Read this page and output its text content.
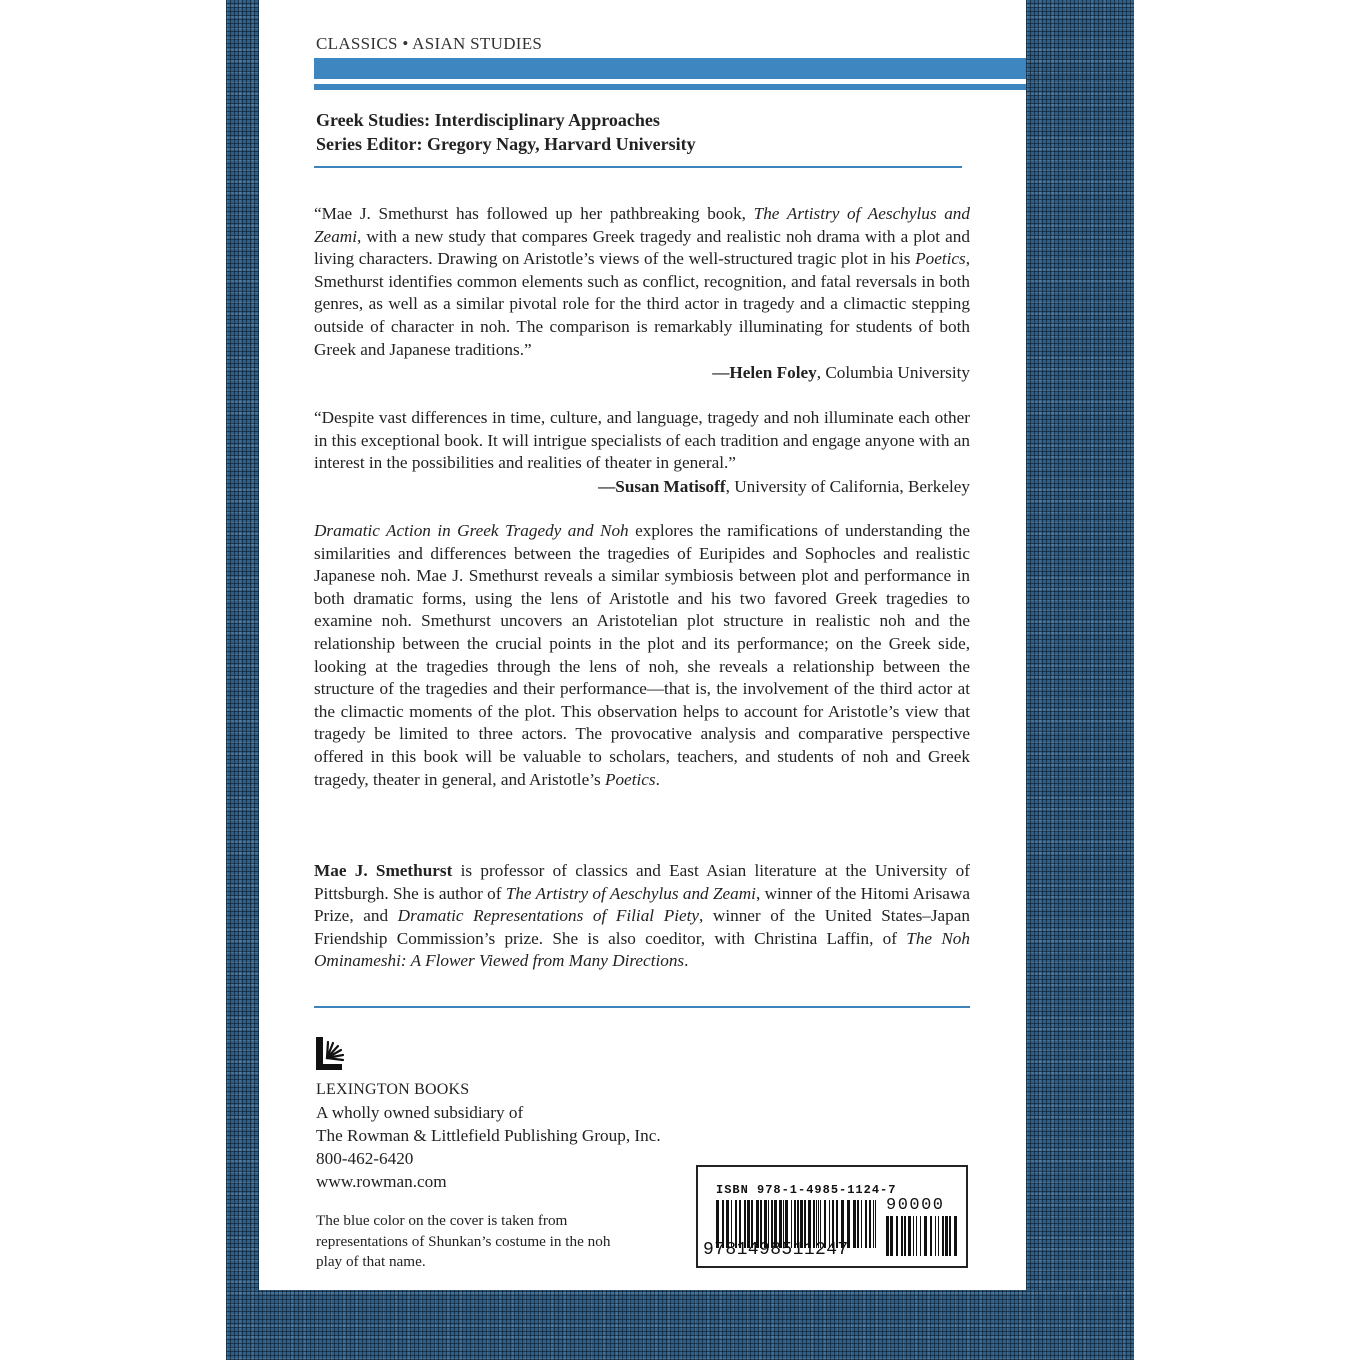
CLASSICS • ASIAN STUDIES
Greek Studies: Interdisciplinary Approaches
Series Editor: Gregory Nagy, Harvard University

“Mae J. Smethurst has followed up her pathbreaking book, The Artistry of Aeschylus and Zeami, with a new study that compares Greek tragedy and realistic noh drama with a plot and living characters. Drawing on Aristotle’s views of the well-structured tragic plot in his Poetics, Smethurst identifies common elements such as conflict, recognition, and fatal reversals in both genres, as well as a similar pivotal role for the third actor in tragedy and a climactic stepping outside of character in noh. The comparison is remarkably illuminating for students of both Greek and Japanese traditions.”

—Helen Foley, Columbia University

“Despite vast differences in time, culture, and language, tragedy and noh illuminate each other in this exceptional book. It will intrigue specialists of each tradition and engage anyone with an interest in the possibilities and realities of theater in general.”

—Susan Matisoff, University of California, Berkeley

Dramatic Action in Greek Tragedy and Noh explores the ramifications of understanding the similarities and differences between the tragedies of Euripides and Sophocles and realistic Japanese noh. Mae J. Smethurst reveals a similar symbiosis between plot and performance in both dramatic forms, using the lens of Aristotle and his two favored Greek tragedies to examine noh. Smethurst uncovers an Aristotelian plot structure in realistic noh and the relationship between the crucial points in the plot and its performance; on the Greek side, looking at the tragedies through the lens of noh, she reveals a relationship between the structure of the tragedies and their performance—that is, the involvement of the third actor at the climactic moments of the plot. This observation helps to account for Aristotle’s view that tragedy be limited to three actors. The provocative analysis and comparative perspective offered in this book will be valuable to scholars, teachers, and students of noh and Greek tragedy, theater in general, and Aristotle’s Poetics.

Mae J. Smethurst is professor of classics and East Asian literature at the University of Pittsburgh. She is author of The Artistry of Aeschylus and Zeami, winner of the Hitomi Arisawa Prize, and Dramatic Representations of Filial Piety, winner of the United States–Japan Friendship Commission’s prize. She is also coeditor, with Christina Laffin, of The Noh Ominameshi: A Flower Viewed from Many Directions.

LEXINGTON BOOKS
A wholly owned subsidiary of
The Rowman & Littlefield Publishing Group, Inc.
800-462-6420
www.rowman.com
The blue color on the cover is taken from representations of Shunkan’s costume in the noh play of that name.
ISBN 978-1-4985-1124-7
90000
9781498511247
